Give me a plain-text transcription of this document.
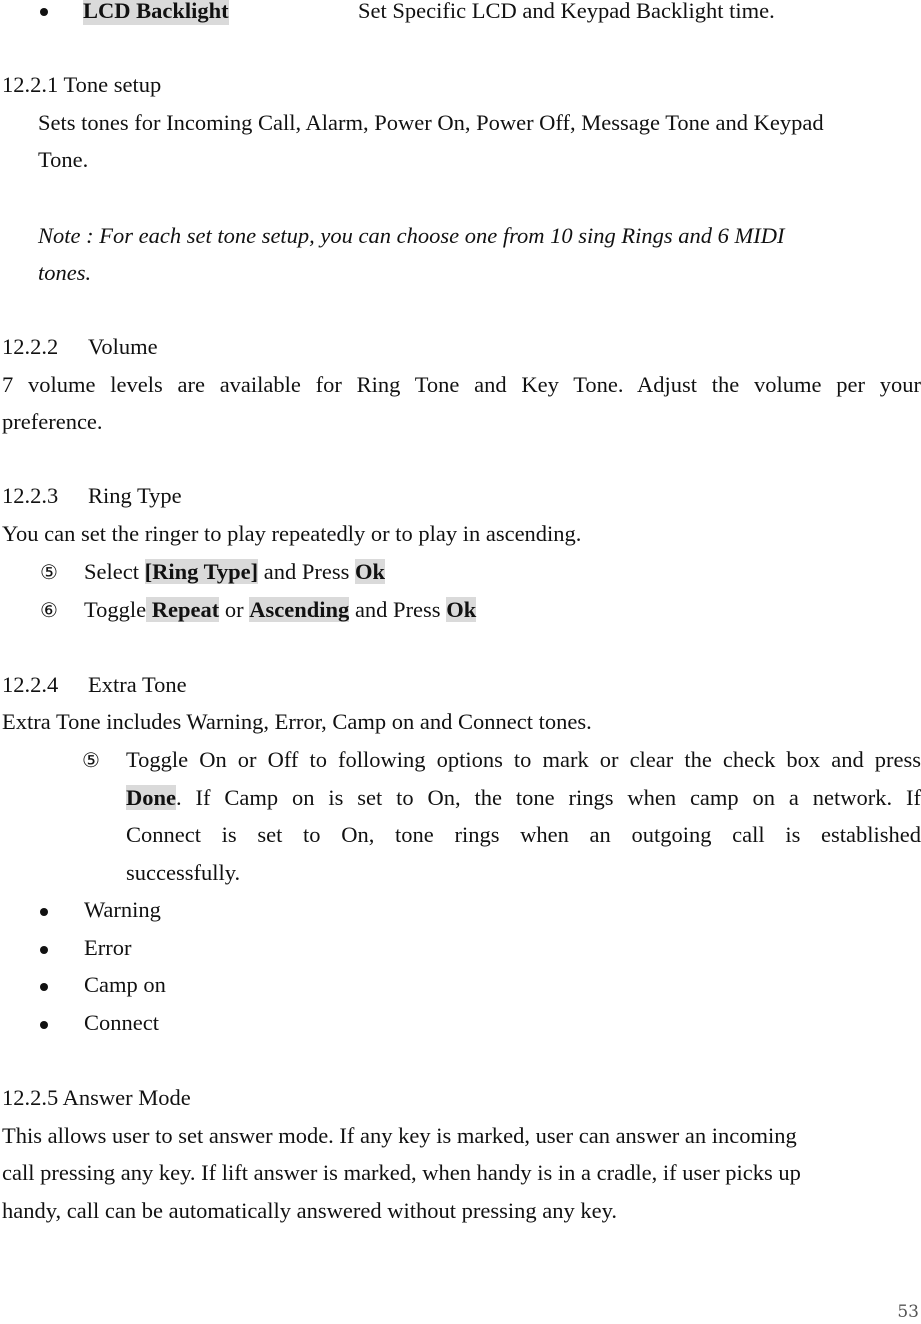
LCD Backlight	Set Specific LCD and Keypad Backlight time.
12.2.1 Tone setup
Sets tones for Incoming Call, Alarm, Power On, Power Off, Message Tone and Keypad
Tone.
Note : For each set tone setup, you can choose one from 10 sing Rings and 6 MIDI
tones.
12.2.2 Volume
7 volume levels are available for Ring Tone and Key Tone. Adjust the volume per your
preference.
12.2.3 Ring Type
You can set the ringer to play repeatedly or to play in ascending.
⑤ Select [Ring Type] and Press Ok
⑥ Toggle Repeat or Ascending and Press Ok
12.2.4 Extra Tone
Extra Tone includes Warning, Error, Camp on and Connect tones.
⑤ Toggle On or Off to following options to mark or clear the check box and press
Done. If Camp on is set to On, the tone rings when camp on a network. If
Connect is set to On, tone rings when an outgoing call is established
successfully.
Warning
Error
Camp on
Connect
12.2.5 Answer Mode
This allows user to set answer mode. If any key is marked, user can answer an incoming
call pressing any key. If lift answer is marked, when handy is in a cradle, if user picks up
handy, call can be automatically answered without pressing any key.
53
